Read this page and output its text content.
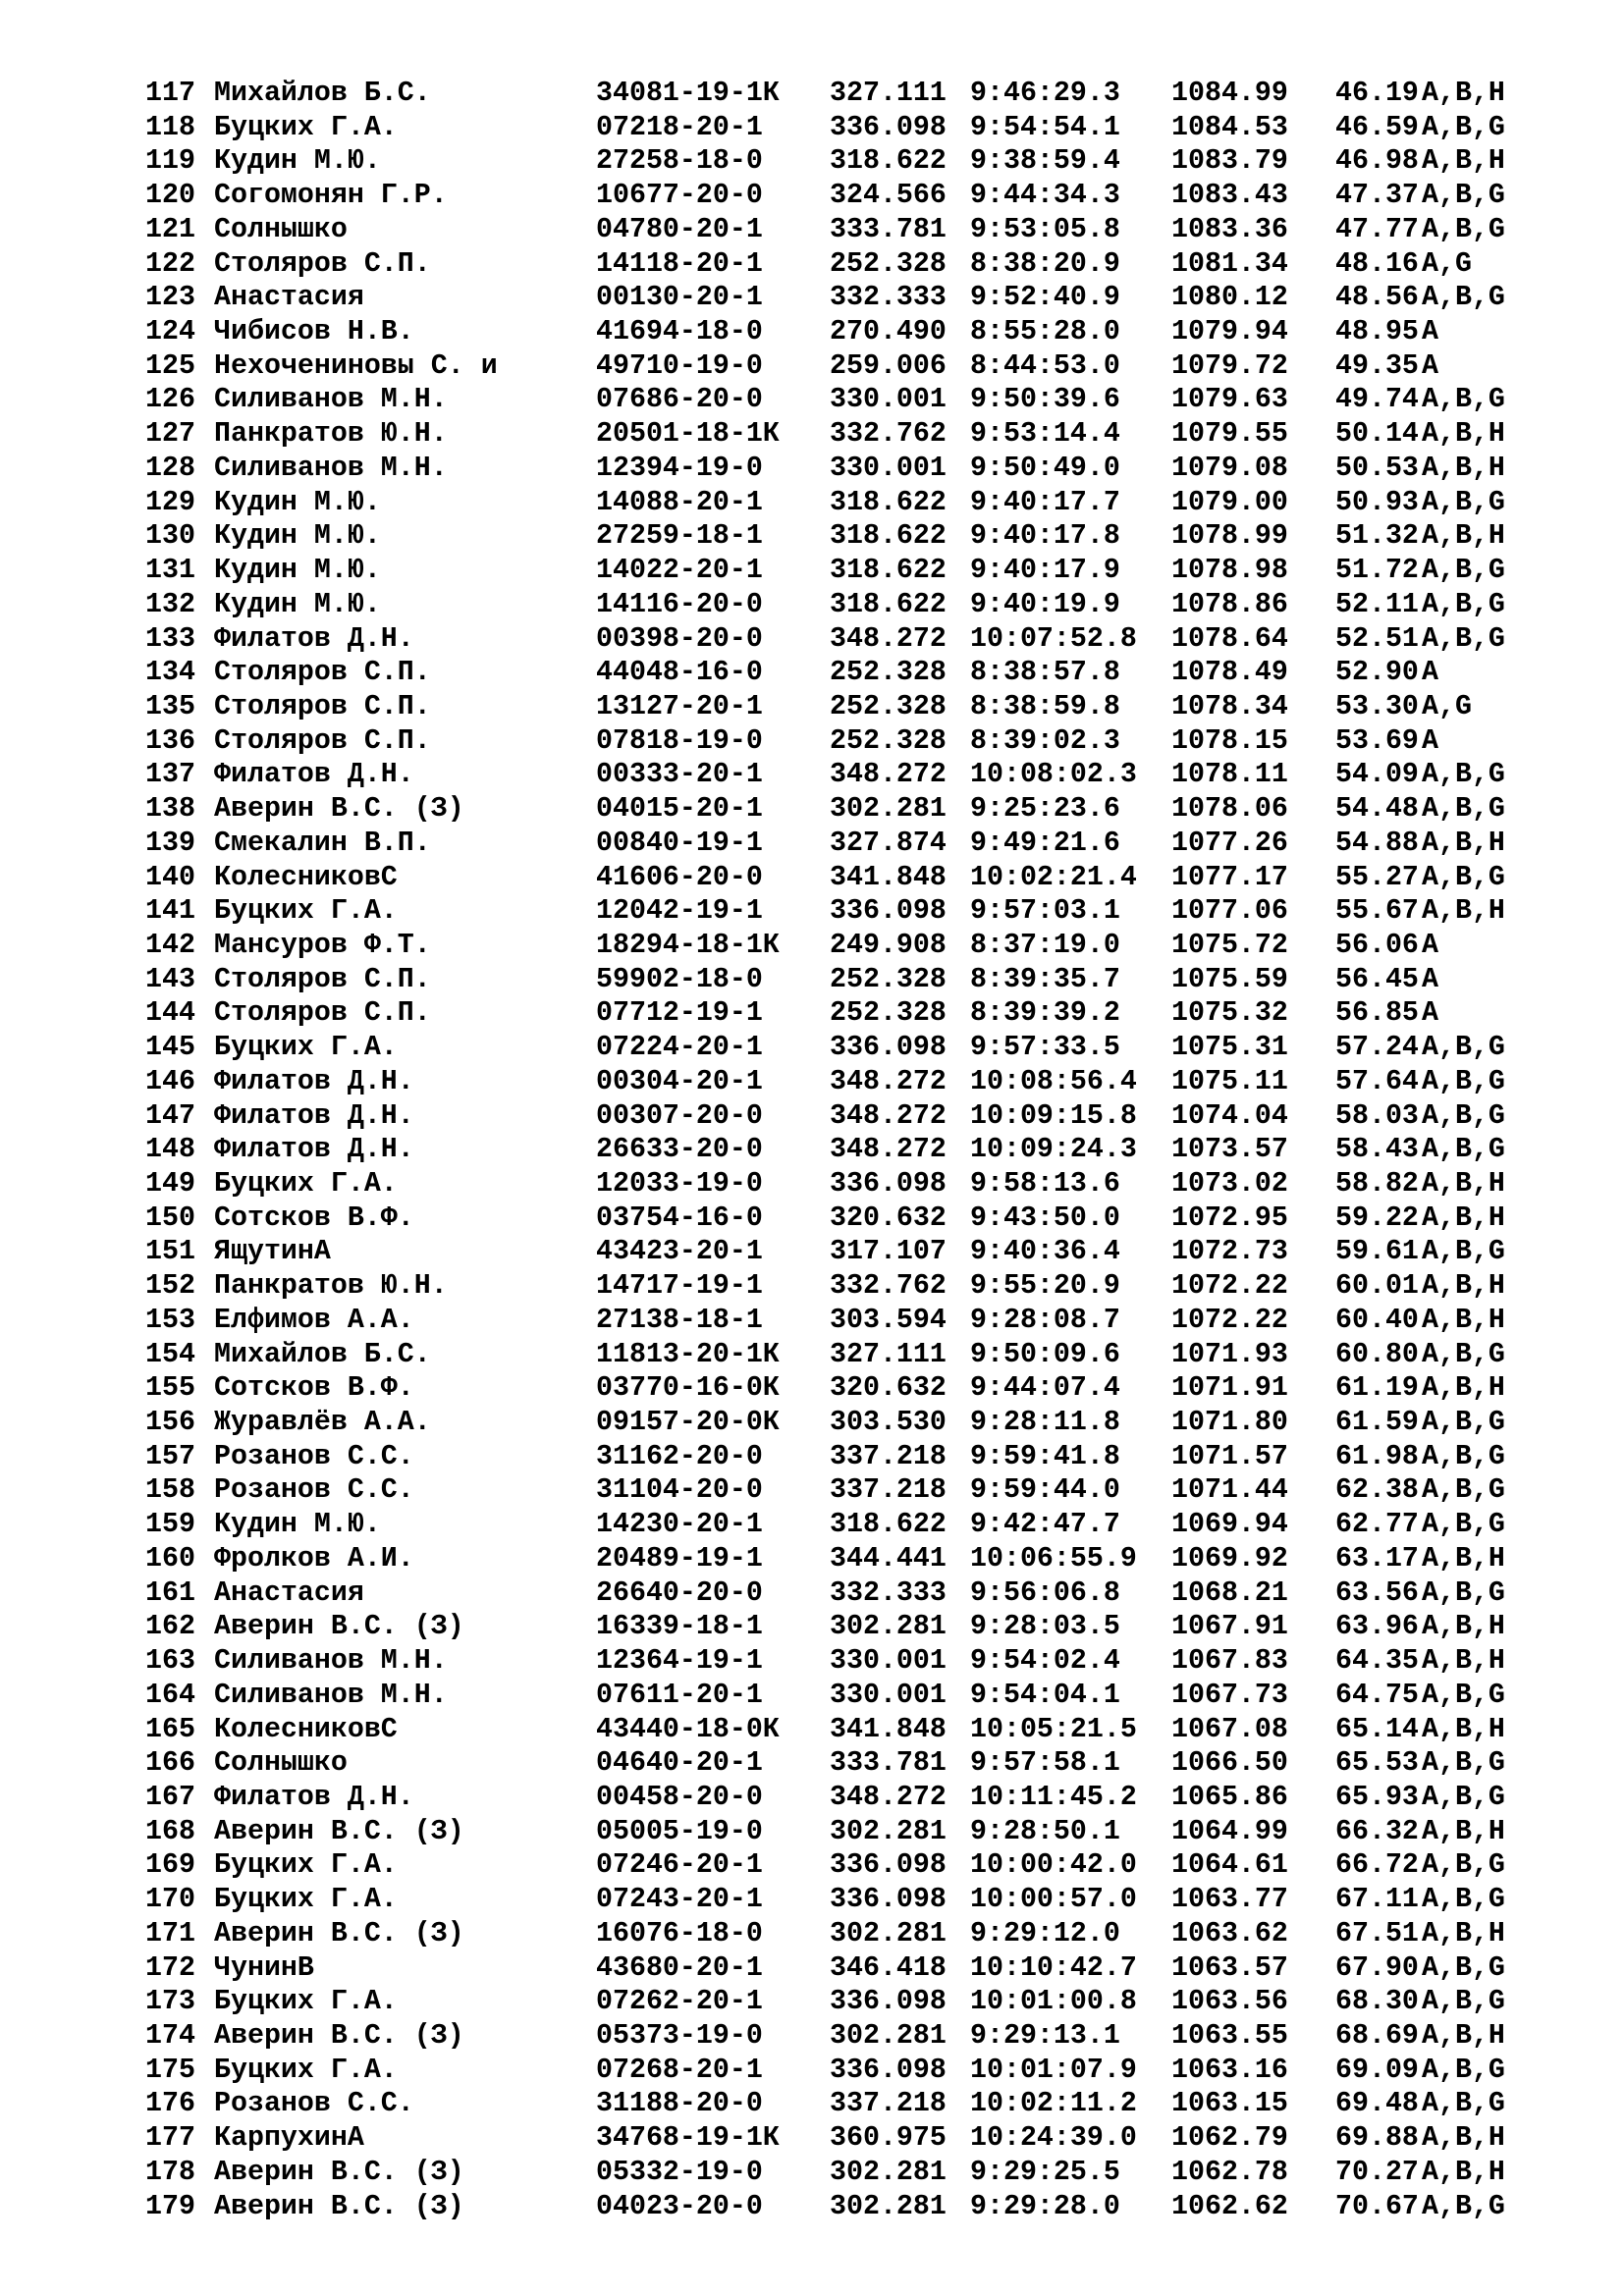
117 Михайлов Б.С.	34081-19-1К 327.111 9:46:29.3 1084.99 46.19 A,B,H
118 Буцких Г.А.	07218-20-1 336.098 9:54:54.1 1084.53 46.59 A,B,G
119 Кудин М.Ю.	27258-18-0 318.622 9:38:59.4 1083.79 46.98 A,B,H
120 Согомонян Г.Р.	10677-20-0 324.566 9:44:34.3 1083.43 47.37 A,B,G
121 Солнышко	04780-20-1 333.781 9:53:05.8 1083.36 47.77 A,B,G
122 Столяров С.П.	14118-20-1 252.328 8:38:20.9 1081.34 48.16 A,G
123 Анастасия	00130-20-1 332.333 9:52:40.9 1080.12 48.56 A,B,G
124 Чибисов Н.В.	41694-18-0 270.490 8:55:28.0 1079.94 48.95 A
125 Нехочениновы С. и	49710-19-0 259.006 8:44:53.0 1079.72 49.35 A
126 Силиванов М.Н.	07686-20-0 330.001 9:50:39.6 1079.63 49.74 A,B,G
127 Панкратов Ю.Н.	20501-18-1К 332.762 9:53:14.4 1079.55 50.14 A,B,H
128 Силиванов М.Н.	12394-19-0 330.001 9:50:49.0 1079.08 50.53 A,B,H
129 Кудин М.Ю.	14088-20-1 318.622 9:40:17.7 1079.00 50.93 A,B,G
130 Кудин М.Ю.	27259-18-1 318.622 9:40:17.8 1078.99 51.32 A,B,H
131 Кудин М.Ю.	14022-20-1 318.622 9:40:17.9 1078.98 51.72 A,B,G
132 Кудин М.Ю.	14116-20-0 318.622 9:40:19.9 1078.86 52.11 A,B,G
133 Филатов Д.Н.	00398-20-0 348.272 10:07:52.8 1078.64 52.51 A,B,G
134 Столяров С.П.	44048-16-0 252.328 8:38:57.8 1078.49 52.90 A
135 Столяров С.П.	13127-20-1 252.328 8:38:59.8 1078.34 53.30 A,G
136 Столяров С.П.	07818-19-0 252.328 8:39:02.3 1078.15 53.69 A
137 Филатов Д.Н.	00333-20-1 348.272 10:08:02.3 1078.11 54.09 A,B,G
138 Аверин В.С. (З)	04015-20-1 302.281 9:25:23.6 1078.06 54.48 A,B,G
139 Смекалин В.П.	00840-19-1 327.874 9:49:21.6 1077.26 54.88 A,B,H
140 КолесниковС	41606-20-0 341.848 10:02:21.4 1077.17 55.27 A,B,G
141 Буцких Г.А.	12042-19-1 336.098 9:57:03.1 1077.06 55.67 A,B,H
142 Мансуров Ф.Т.	18294-18-1К 249.908 8:37:19.0 1075.72 56.06 A
143 Столяров С.П.	59902-18-0 252.328 8:39:35.7 1075.59 56.45 A
144 Столяров С.П.	07712-19-1 252.328 8:39:39.2 1075.32 56.85 A
145 Буцких Г.А.	07224-20-1 336.098 9:57:33.5 1075.31 57.24 A,B,G
146 Филатов Д.Н.	00304-20-1 348.272 10:08:56.4 1075.11 57.64 A,B,G
147 Филатов Д.Н.	00307-20-0 348.272 10:09:15.8 1074.04 58.03 A,B,G
148 Филатов Д.Н.	26633-20-0 348.272 10:09:24.3 1073.57 58.43 A,B,G
149 Буцких Г.А.	12033-19-0 336.098 9:58:13.6 1073.02 58.82 A,B,H
150 Сотсков В.Ф.	03754-16-0 320.632 9:43:50.0 1072.95 59.22 A,B,H
151 ЯщутинА	43423-20-1 317.107 9:40:36.4 1072.73 59.61 A,B,G
152 Панкратов Ю.Н.	14717-19-1 332.762 9:55:20.9 1072.22 60.01 A,B,H
153 Елфимов А.А.	27138-18-1 303.594 9:28:08.7 1072.22 60.40 A,B,H
154 Михайлов Б.С.	11813-20-1К 327.111 9:50:09.6 1071.93 60.80 A,B,G
155 Сотсков В.Ф.	03770-16-0К 320.632 9:44:07.4 1071.91 61.19 A,B,H
156 Журавлёв А.А.	09157-20-0К 303.530 9:28:11.8 1071.80 61.59 A,B,G
157 Розанов С.С.	31162-20-0 337.218 9:59:41.8 1071.57 61.98 A,B,G
158 Розанов С.С.	31104-20-0 337.218 9:59:44.0 1071.44 62.38 A,B,G
159 Кудин М.Ю.	14230-20-1 318.622 9:42:47.7 1069.94 62.77 A,B,G
160 Фролков А.И.	20489-19-1 344.441 10:06:55.9 1069.92 63.17 A,B,H
161 Анастасия	26640-20-0 332.333 9:56:06.8 1068.21 63.56 A,B,G
162 Аверин В.С. (З)	16339-18-1 302.281 9:28:03.5 1067.91 63.96 A,B,H
163 Силиванов М.Н.	12364-19-1 330.001 9:54:02.4 1067.83 64.35 A,B,H
164 Силиванов М.Н.	07611-20-1 330.001 9:54:04.1 1067.73 64.75 A,B,G
165 КолесниковС	43440-18-0К 341.848 10:05:21.5 1067.08 65.14 A,B,H
166 Солнышко	04640-20-1 333.781 9:57:58.1 1066.50 65.53 A,B,G
167 Филатов Д.Н.	00458-20-0 348.272 10:11:45.2 1065.86 65.93 A,B,G
168 Аверин В.С. (З)	05005-19-0 302.281 9:28:50.1 1064.99 66.32 A,B,H
169 Буцких Г.А.	07246-20-1 336.098 10:00:42.0 1064.61 66.72 A,B,G
170 Буцких Г.А.	07243-20-1 336.098 10:00:57.0 1063.77 67.11 A,B,G
171 Аверин В.С. (З)	16076-18-0 302.281 9:29:12.0 1063.62 67.51 A,B,H
172 ЧунинВ	43680-20-1 346.418 10:10:42.7 1063.57 67.90 A,B,G
173 Буцких Г.А.	07262-20-1 336.098 10:01:00.8 1063.56 68.30 A,B,G
174 Аверин В.С. (З)	05373-19-0 302.281 9:29:13.1 1063.55 68.69 A,B,H
175 Буцких Г.А.	07268-20-1 336.098 10:01:07.9 1063.16 69.09 A,B,G
176 Розанов С.С.	31188-20-0 337.218 10:02:11.2 1063.15 69.48 A,B,G
177 КарпухинА	34768-19-1К 360.975 10:24:39.0 1062.79 69.88 A,B,H
178 Аверин В.С. (З)	05332-19-0 302.281 9:29:25.5 1062.78 70.27 A,B,H
179 Аверин В.С. (З)	04023-20-0 302.281 9:29:28.0 1062.62 70.67 A,B,G
